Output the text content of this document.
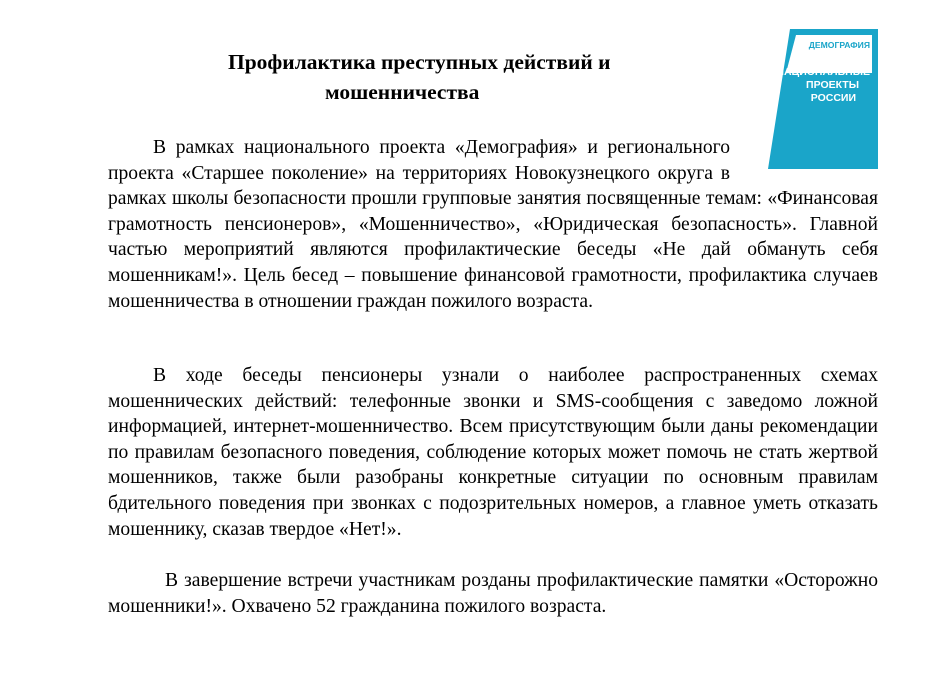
Профилактика преступных действий и
мошенничества
ДЕМОГРАФИЯ
НАЦИОНАЛЬНЫЕ
ПРОЕКТЫ
РОССИИ
В рамках национального проекта «Демография» и регионального проекта «Старшее поколение» на территориях Новокузнецкого округа в рамках школы безопасности прошли групповые занятия посвященные темам: «Финансовая грамотность пенсионеров», «Мошенничество», «Юридическая безопасность». Главной частью мероприятий являются профилактические беседы «Не дай обмануть себя мошенникам!». Цель бесед – повышение финансовой грамотности, профилактика случаев мошенничества в отношении граждан пожилого возраста.
В ходе беседы пенсионеры узнали о наиболее распространенных схемах мошеннических действий: телефонные звонки и SMS-сообщения с заведомо ложной информацией, интернет-мошенничество. Всем присутствующим были даны рекомендации по правилам безопасного поведения, соблюдение которых может помочь не стать жертвой мошенников, также были разобраны конкретные ситуации по основным правилам бдительного поведения при звонках с подозрительных номеров, а главное уметь отказать мошеннику, сказав твердое «Нет!».
В завершение встречи участникам розданы профилактические памятки «Осторожно мошенники!». Охвачено 52 гражданина пожилого возраста.
